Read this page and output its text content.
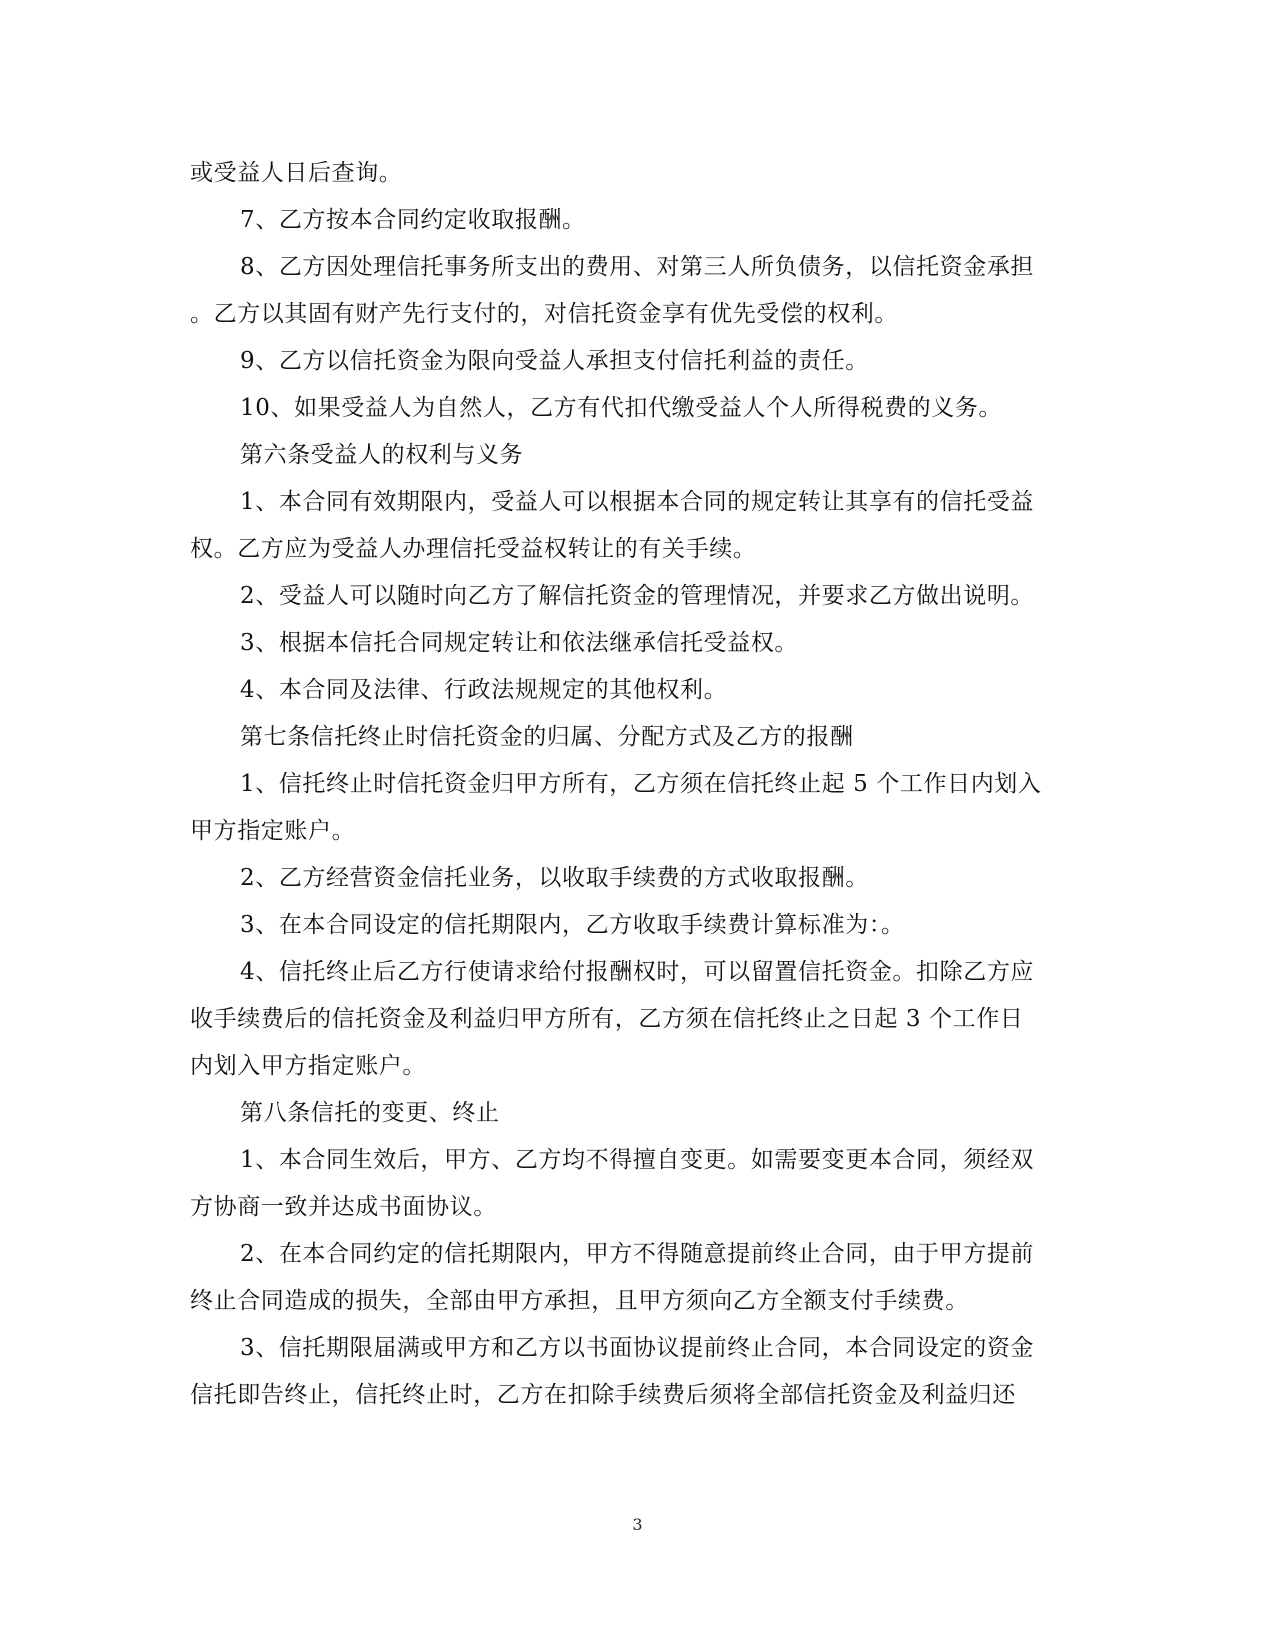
或受益人日后查询。
7、乙方按本合同约定收取报酬。
8、乙方因处理信托事务所支出的费用、对第三人所负债务，以信托资金承担
。乙方以其固有财产先行支付的，对信托资金享有优先受偿的权利。
9、乙方以信托资金为限向受益人承担支付信托利益的责任。
10、如果受益人为自然人，乙方有代扣代缴受益人个人所得税费的义务。
第六条受益人的权利与义务
1、本合同有效期限内，受益人可以根据本合同的规定转让其享有的信托受益
权。乙方应为受益人办理信托受益权转让的有关手续。
2、受益人可以随时向乙方了解信托资金的管理情况，并要求乙方做出说明。
3、根据本信托合同规定转让和依法继承信托受益权。
4、本合同及法律、行政法规规定的其他权利。
第七条信托终止时信托资金的归属、分配方式及乙方的报酬
1、信托终止时信托资金归甲方所有，乙方须在信托终止起 5 个工作日内划入
甲方指定账户。
2、乙方经营资金信托业务，以收取手续费的方式收取报酬。
3、在本合同设定的信托期限内，乙方收取手续费计算标准为：。
4、信托终止后乙方行使请求给付报酬权时，可以留置信托资金。扣除乙方应
收手续费后的信托资金及利益归甲方所有，乙方须在信托终止之日起 3 个工作日
内划入甲方指定账户。
第八条信托的变更、终止
1、本合同生效后，甲方、乙方均不得擅自变更。如需要变更本合同，须经双
方协商一致并达成书面协议。
2、在本合同约定的信托期限内，甲方不得随意提前终止合同，由于甲方提前
终止合同造成的损失，全部由甲方承担，且甲方须向乙方全额支付手续费。
3、信托期限届满或甲方和乙方以书面协议提前终止合同，本合同设定的资金
信托即告终止，信托终止时，乙方在扣除手续费后须将全部信托资金及利益归还
3
